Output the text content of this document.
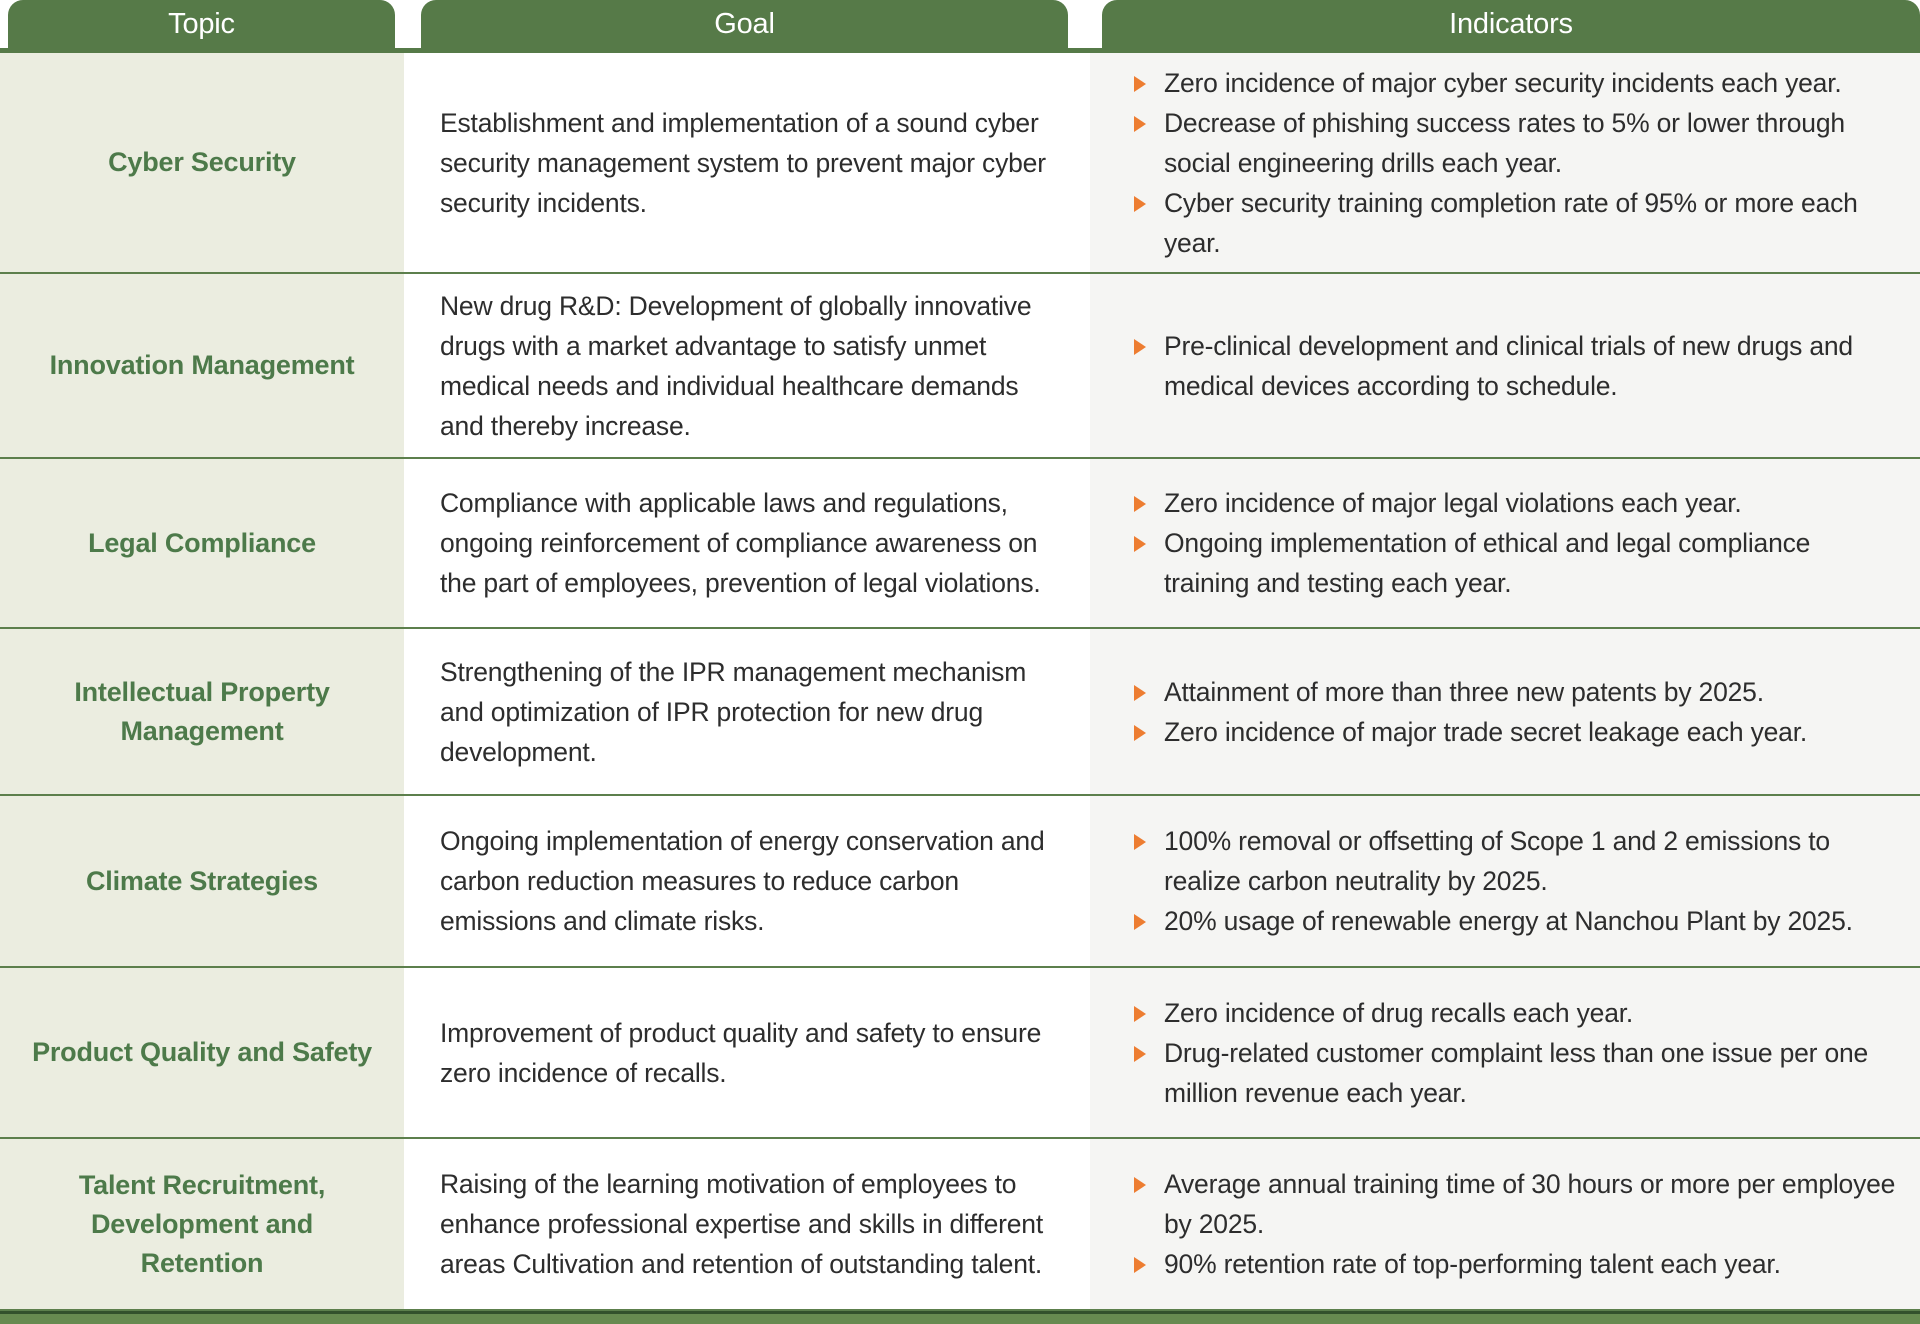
Topic	Goal	Indicators
Cyber Security
Establishment and implementation of a sound cyber security management system to prevent major cyber security incidents.
Zero incidence of major cyber security incidents each year.
Decrease of phishing success rates to 5% or lower through social engineering drills each year.
Cyber security training completion rate of 95% or more each year.
Innovation Management
New drug R&D: Development of globally innovative drugs with a market advantage to satisfy unmet medical needs and individual healthcare demands and thereby increase.
Pre-clinical development and clinical trials of new drugs and medical devices according to schedule.
Legal Compliance
Compliance with applicable laws and regulations, ongoing reinforcement of compliance awareness on the part of employees, prevention of legal violations.
Zero incidence of major legal violations each year.
Ongoing implementation of ethical and legal compliance training and testing each year.
Intellectual Property Management
Strengthening of the IPR management mechanism and optimization of IPR protection for new drug development.
Attainment of more than three new patents by 2025.
Zero incidence of major trade secret leakage each year.
Climate Strategies
Ongoing implementation of energy conservation and carbon reduction measures to reduce carbon emissions and climate risks.
100% removal or offsetting of Scope 1 and 2 emissions to realize carbon neutrality by 2025.
20% usage of renewable energy at Nanchou Plant by 2025.
Product Quality and Safety
Improvement of product quality and safety to ensure zero incidence of recalls.
Zero incidence of drug recalls each year.
Drug-related customer complaint less than one issue per one million revenue each year.
Talent Recruitment, Development and Retention
Raising of the learning motivation of employees to enhance professional expertise and skills in different areas Cultivation and retention of outstanding talent.
Average annual training time of 30 hours or more per employee by 2025.
90% retention rate of top-performing talent each year.
